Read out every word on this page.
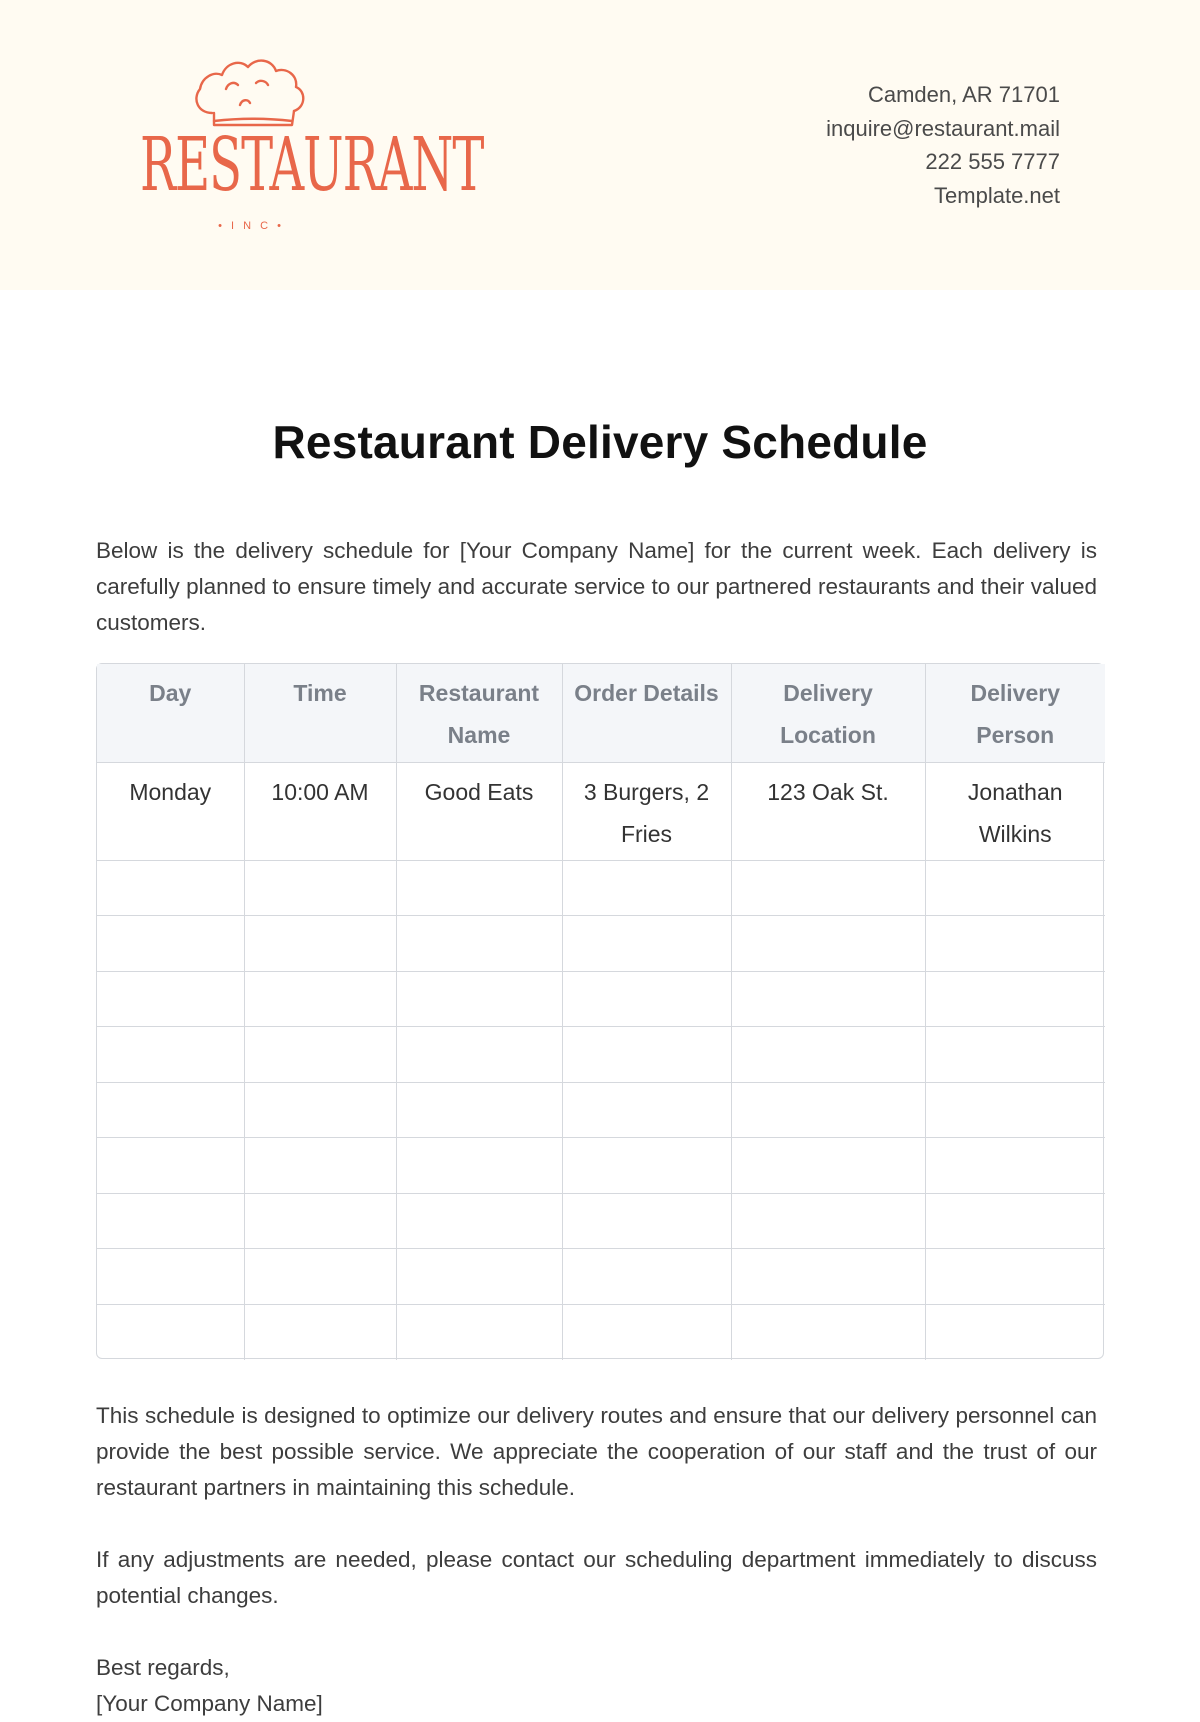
RESTAURANT
• I N C •
Camden, AR 71701
inquire@restaurant.mail
222 555 7777
Template.net
Restaurant Delivery Schedule

Below is the delivery schedule for [Your Company Name] for the current week. Each delivery is carefully planned to ensure timely and accurate service to our partnered restaurants and their valued customers.

Day	Time	Restaurant Name	Order Details	Delivery Location	Delivery Person
Monday	10:00 AM	Good Eats	3 Burgers, 2 Fries	123 Oak St.	Jonathan Wilkins

This schedule is designed to optimize our delivery routes and ensure that our delivery personnel can provide the best possible service. We appreciate the cooperation of our staff and the trust of our restaurant partners in maintaining this schedule.

If any adjustments are needed, please contact our scheduling department immediately to discuss potential changes.

Best regards,
[Your Company Name]
